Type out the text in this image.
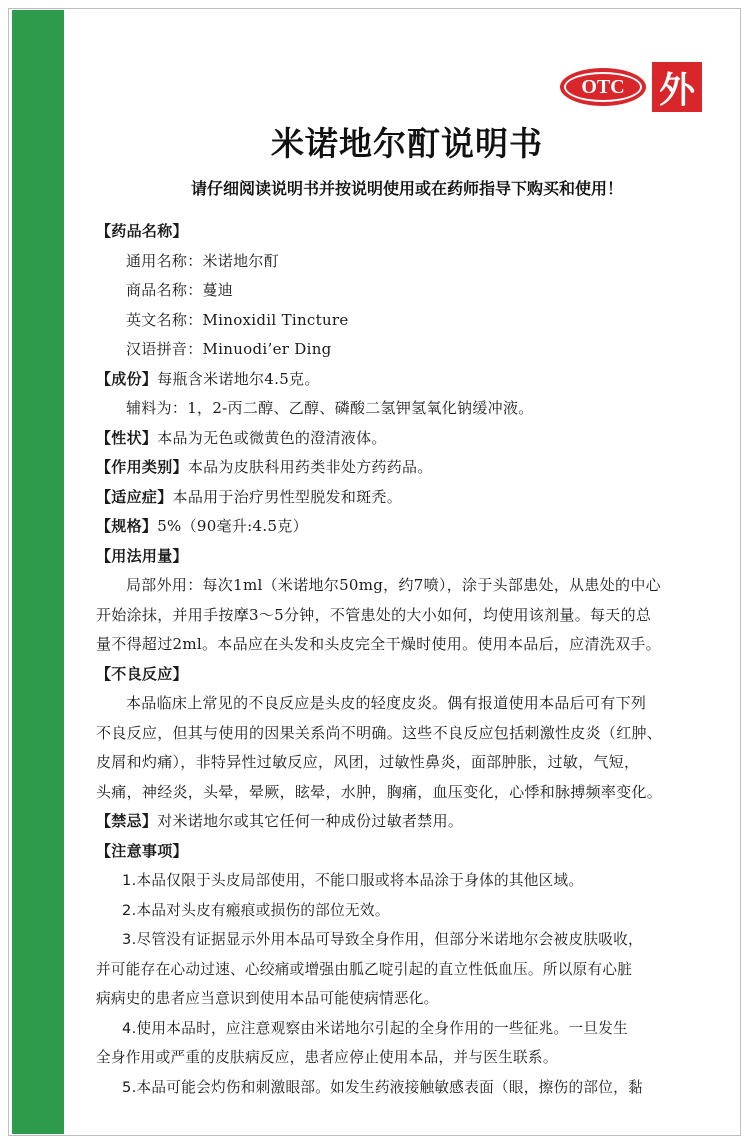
OTC 外
米诺地尔酊说明书
请仔细阅读说明书并按说明使用或在药师指导下购买和使用！
【药品名称】
通用名称：米诺地尔酊
商品名称：蔓迪
英文名称：Minoxidil Tincture
汉语拼音：Minuodi’er Ding
【成份】每瓶含米诺地尔4.5克。
辅料为：1，2-丙二醇、乙醇、磷酸二氢钾氢氧化钠缓冲液。
【性状】本品为无色或微黄色的澄清液体。
【作用类别】本品为皮肤科用药类非处方药药品。
【适应症】本品用于治疗男性型脱发和斑秃。
【规格】5%（90毫升:4.5克）
【用法用量】
局部外用：每次1ml（米诺地尔50mg，约7喷），涂于头部患处，从患处的中心
开始涂抹，并用手按摩3～5分钟，不管患处的大小如何，均使用该剂量。每天的总
量不得超过2ml。本品应在头发和头皮完全干燥时使用。使用本品后，应清洗双手。
【不良反应】
本品临床上常见的不良反应是头皮的轻度皮炎。偶有报道使用本品后可有下列
不良反应，但其与使用的因果关系尚不明确。这些不良反应包括刺激性皮炎（红肿、
皮屑和灼痛），非特异性过敏反应，风团，过敏性鼻炎，面部肿胀，过敏，气短，
头痛，神经炎，头晕，晕厥，眩晕，水肿，胸痛，血压变化，心悸和脉搏频率变化。
【禁忌】对米诺地尔或其它任何一种成份过敏者禁用。
【注意事项】
1.本品仅限于头皮局部使用，不能口服或将本品涂于身体的其他区域。
2.本品对头皮有瘢痕或损伤的部位无效。
3.尽管没有证据显示外用本品可导致全身作用，但部分米诺地尔会被皮肤吸收，
并可能存在心动过速、心绞痛或增强由胍乙啶引起的直立性低血压。所以原有心脏
病病史的患者应当意识到使用本品可能使病情恶化。
4.使用本品时，应注意观察由米诺地尔引起的全身作用的一些征兆。一旦发生
全身作用或严重的皮肤病反应，患者应停止使用本品，并与医生联系。
5.本品可能会灼伤和刺激眼部。如发生药液接触敏感表面（眼，擦伤的部位，黏
